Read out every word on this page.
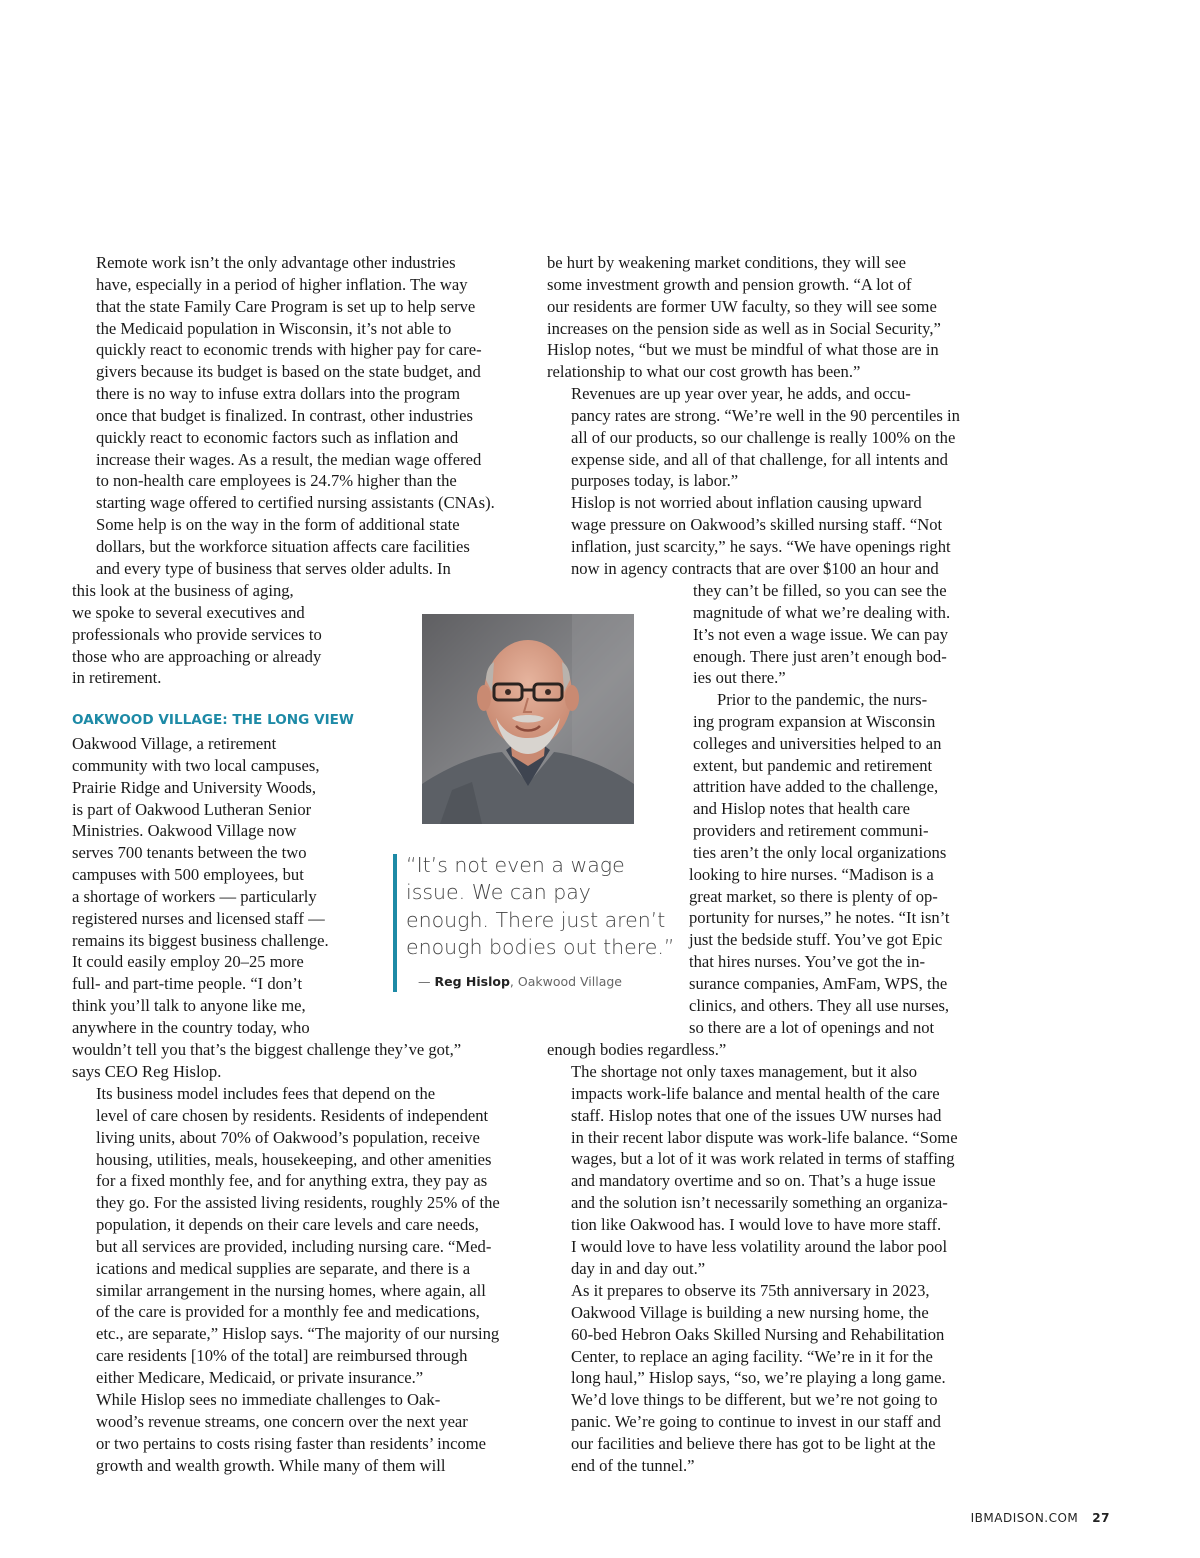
Remote work isn’t the only advantage other industries
have, especially in a period of higher inflation. The way
that the state Family Care Program is set up to help serve
the Medicaid population in Wisconsin, it’s not able to
quickly react to economic trends with higher pay for care-
givers because its budget is based on the state budget, and
there is no way to infuse extra dollars into the program
once that budget is finalized. In contrast, other industries
quickly react to economic factors such as inflation and
increase their wages. As a result, the median wage offered
to non-health care employees is 24.7% higher than the
starting wage offered to certified nursing assistants (CNAs).
Some help is on the way in the form of additional state
dollars, but the workforce situation affects care facilities
and every type of business that serves older adults. In
this look at the business of aging,
we spoke to several executives and
professionals who provide services to
those who are approaching or already
in retirement.
OAKWOOD VILLAGE: THE LONG VIEW
Oakwood Village, a retirement
community with two local campuses,
Prairie Ridge and University Woods,
is part of Oakwood Lutheran Senior
Ministries. Oakwood Village now
serves 700 tenants between the two
campuses with 500 employees, but
a shortage of workers — particularly
registered nurses and licensed staff —
remains its biggest business challenge.
It could easily employ 20–25 more
full- and part-time people. “I don’t
think you’ll talk to anyone like me,
anywhere in the country today, who
wouldn’t tell you that’s the biggest challenge they’ve got,”
says CEO Reg Hislop.
Its business model includes fees that depend on the
level of care chosen by residents. Residents of independent
living units, about 70% of Oakwood’s population, receive
housing, utilities, meals, housekeeping, and other amenities
for a fixed monthly fee, and for anything extra, they pay as
they go. For the assisted living residents, roughly 25% of the
population, it depends on their care levels and care needs,
but all services are provided, including nursing care. “Med-
ications and medical supplies are separate, and there is a
similar arrangement in the nursing homes, where again, all
of the care is provided for a monthly fee and medications,
etc., are separate,” Hislop says. “The majority of our nursing
care residents [10% of the total] are reimbursed through
either Medicare, Medicaid, or private insurance.”
While Hislop sees no immediate challenges to Oak-
wood’s revenue streams, one concern over the next year
or two pertains to costs rising faster than residents’ income
growth and wealth growth. While many of them will
“It’s not even a wage
issue. We can pay
enough. There just aren’t
enough bodies out there.”
— Reg Hislop, Oakwood Village
be hurt by weakening market conditions, they will see
some investment growth and pension growth. “A lot of
our residents are former UW faculty, so they will see some
increases on the pension side as well as in Social Security,”
Hislop notes, “but we must be mindful of what those are in
relationship to what our cost growth has been.”
Revenues are up year over year, he adds, and occu-
pancy rates are strong. “We’re well in the 90 percentiles in
all of our products, so our challenge is really 100% on the
expense side, and all of that challenge, for all intents and
purposes today, is labor.”
Hislop is not worried about inflation causing upward
wage pressure on Oakwood’s skilled nursing staff. “Not
inflation, just scarcity,” he says. “We have openings right
now in agency contracts that are over $100 an hour and
they can’t be filled, so you can see the
magnitude of what we’re dealing with.
It’s not even a wage issue. We can pay
enough. There just aren’t enough bod-
ies out there.”
Prior to the pandemic, the nurs-
ing program expansion at Wisconsin
colleges and universities helped to an
extent, but pandemic and retirement
attrition have added to the challenge,
and Hislop notes that health care
providers and retirement communi-
ties aren’t the only local organizations
looking to hire nurses. “Madison is a
great market, so there is plenty of op-
portunity for nurses,” he notes. “It isn’t
just the bedside stuff. You’ve got Epic
that hires nurses. You’ve got the in-
surance companies, AmFam, WPS, the
clinics, and others. They all use nurses,
so there are a lot of openings and not
enough bodies regardless.”
The shortage not only taxes management, but it also
impacts work-life balance and mental health of the care
staff. Hislop notes that one of the issues UW nurses had
in their recent labor dispute was work-life balance. “Some
wages, but a lot of it was work related in terms of staffing
and mandatory overtime and so on. That’s a huge issue
and the solution isn’t necessarily something an organiza-
tion like Oakwood has. I would love to have more staff.
I would love to have less volatility around the labor pool
day in and day out.”
As it prepares to observe its 75th anniversary in 2023,
Oakwood Village is building a new nursing home, the
60-bed Hebron Oaks Skilled Nursing and Rehabilitation
Center, to replace an aging facility. “We’re in it for the
long haul,” Hislop says, “so, we’re playing a long game.
We’d love things to be different, but we’re not going to
panic. We’re going to continue to invest in our staff and
our facilities and believe there has got to be light at the
end of the tunnel.”
IBMADISON.COM 27
